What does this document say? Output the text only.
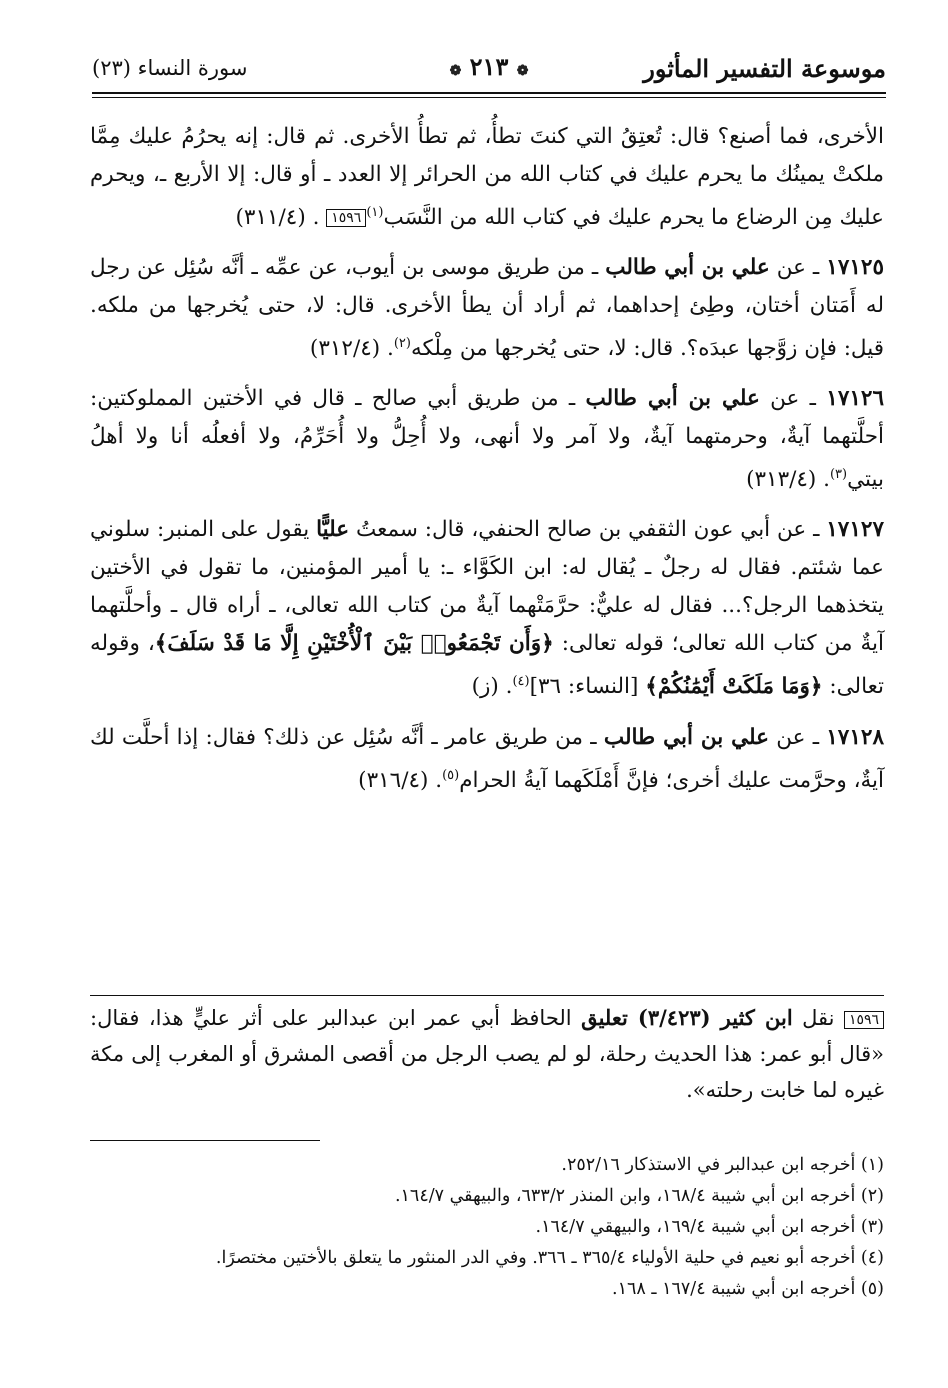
موسوعة التفسير المأثور
❁ ٢١٣ ❁
سورة النساء (٢٣)

الأخرى، فما أصنع؟ قال: تُعتِقُ التي كنتَ تطأُ، ثم تطأُ الأخرى. ثم قال: إنه يحرُمُ عليك مِمَّا ملكتْ يمينُك ما يحرم عليك في كتاب الله من الحرائر إلا العدد ـ أو قال: إلا الأربع ـ، ويحرم عليك مِن الرضاع ما يحرم عليك في كتاب الله من النَّسَب$^{(١)}$١٥٩٦ . (٣١١/٤)

١٧١٢٥ ـ عن علي بن أبي طالب ـ من طريق موسى بن أيوب، عن عمِّه ـ أنَّه سُئِل عن رجل له أَمَتان أختان، وطِئ إحداهما، ثم أراد أن يطأ الأخرى. قال: لا، حتى يُخرجها من ملكه. قيل: فإن زوَّجها عبدَه؟. قال: لا، حتى يُخرجها من مِلْكه$^{(٢)}$. (٣١٢/٤)

١٧١٢٦ ـ عن علي بن أبي طالب ـ من طريق أبي صالح ـ قال في الأختين المملوكتين: أحلَّتهما آيةٌ، وحرمتهما آيةٌ، ولا آمر ولا أنهى، ولا أُحِلُّ ولا أُحَرِّمُ، ولا أفعلُه أنا ولا أهلُ بيتي$^{(٣)}$. (٣١٣/٤)

١٧١٢٧ ـ عن أبي عون الثقفي بن صالح الحنفي، قال: سمعتُ عليًّا يقول على المنبر: سلوني عما شئتم. فقال له رجلٌ ـ يُقال له: ابن الكَوَّاء ـ: يا أمير المؤمنين، ما تقول في الأختين يتخذهما الرجل؟... فقال له عليٌّ: حرَّمَتْهما آيةٌ من كتاب الله تعالى، ـ أراه قال ـ وأحلَّتهما آيةٌ من كتاب الله تعالى؛ قوله تعالى: ﴿وَأَن تَجْمَعُوا۟ بَيْنَ ٱلْأُخْتَيْنِ إِلَّا مَا قَدْ سَلَفَ﴾، وقوله تعالى: ﴿وَمَا مَلَكَتْ أَيْمَٰنُكُمْ﴾ [النساء: ٣٦]$^{(٤)}$. (ز)

١٧١٢٨ ـ عن علي بن أبي طالب ـ من طريق عامر ـ أنَّه سُئِل عن ذلك؟ فقال: إذا أحلَّت لك آيةٌ، وحرَّمت عليك أخرى؛ فإنَّ أَمْلَكَهما آيةُ الحرام$^{(٥)}$. (٣١٦/٤)

١٥٩٦ نقل ابن كثير (٣/٤٢٣) تعليق الحافظ أبي عمر ابن عبدالبر على أثر عليٍّ هذا، فقال: «قال أبو عمر: هذا الحديث رحلة، لو لم يصب الرجل من أقصى المشرق أو المغرب إلى مكة غيره لما خابت رحلته».

(١) أخرجه ابن عبدالبر في الاستذكار ٢٥٢/١٦.

(٢) أخرجه ابن أبي شيبة ١٦٨/٤، وابن المنذر ٦٣٣/٢، والبيهقي ١٦٤/٧.

(٣) أخرجه ابن أبي شيبة ١٦٩/٤، والبيهقي ١٦٤/٧.

(٤) أخرجه أبو نعيم في حلية الأولياء ٣٦٥/٤ ـ ٣٦٦. وفي الدر المنثور ما يتعلق بالأختين مختصرًا.

(٥) أخرجه ابن أبي شيبة ١٦٧/٤ ـ ١٦٨.
